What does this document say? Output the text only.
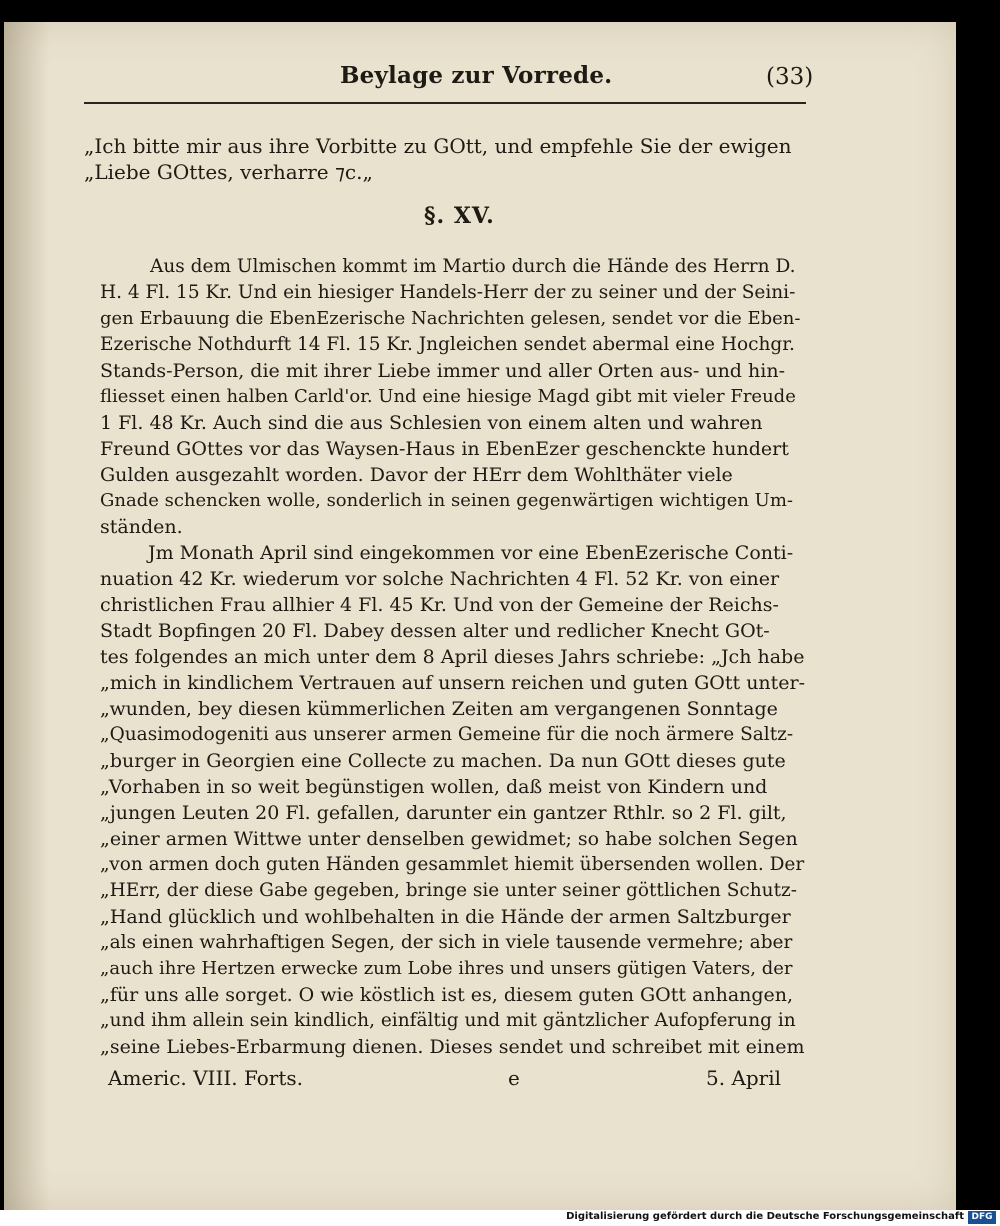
Beylage zur Vorrede.	(33)
„Ich bitte mir aus ihre Vorbitte zu GOtt, und empfehle Sie der ewigen
„Liebe GOttes, verharre ⁊c.„
§. XV.
Aus dem Ulmischen kommt im Martio durch die Hände des Herrn D.
H. 4 Fl. 15 Kr. Und ein hiesiger Handels-Herr der zu seiner und der Seini-
gen Erbauung die EbenEzerische Nachrichten gelesen, sendet vor die Eben-
Ezerische Nothdurft 14 Fl. 15 Kr. Jngleichen sendet abermal eine Hochgr.
Stands-Person, die mit ihrer Liebe immer und aller Orten aus- und hin-
fliesset einen halben Carld'or. Und eine hiesige Magd gibt mit vieler Freude
1 Fl. 48 Kr. Auch sind die aus Schlesien von einem alten und wahren
Freund GOttes vor das Waysen-Haus in EbenEzer geschenckte hundert
Gulden ausgezahlt worden. Davor der HErr dem Wohlthäter viele
Gnade schencken wolle, sonderlich in seinen gegenwärtigen wichtigen Um-
ständen.
Jm Monath April sind eingekommen vor eine EbenEzerische Conti-
nuation 42 Kr. wiederum vor solche Nachrichten 4 Fl. 52 Kr. von einer
christlichen Frau allhier 4 Fl. 45 Kr. Und von der Gemeine der Reichs-
Stadt Bopfingen 20 Fl. Dabey dessen alter und redlicher Knecht GOt-
tes folgendes an mich unter dem 8 April dieses Jahrs schriebe: „Jch habe
„mich in kindlichem Vertrauen auf unsern reichen und guten GOtt unter-
„wunden, bey diesen kümmerlichen Zeiten am vergangenen Sonntage
„Quasimodogeniti aus unserer armen Gemeine für die noch ärmere Saltz-
„burger in Georgien eine Collecte zu machen. Da nun GOtt dieses gute
„Vorhaben in so weit begünstigen wollen, daß meist von Kindern und
„jungen Leuten 20 Fl. gefallen, darunter ein gantzer Rthlr. so 2 Fl. gilt,
„einer armen Wittwe unter denselben gewidmet; so habe solchen Segen
„von armen doch guten Händen gesammlet hiemit übersenden wollen. Der
„HErr, der diese Gabe gegeben, bringe sie unter seiner göttlichen Schutz-
„Hand glücklich und wohlbehalten in die Hände der armen Saltzburger
„als einen wahrhaftigen Segen, der sich in viele tausende vermehre; aber
„auch ihre Hertzen erwecke zum Lobe ihres und unsers gütigen Vaters, der
„für uns alle sorget. O wie köstlich ist es, diesem guten GOtt anhangen,
„und ihm allein sein kindlich, einfältig und mit gäntzlicher Aufopferung in
„seine Liebes-Erbarmung dienen. Dieses sendet und schreibet mit einem
Americ. VIII. Forts.	e	5. April
Digitalisierung gefördert durch die Deutsche Forschungsgemeinschaft DFG
